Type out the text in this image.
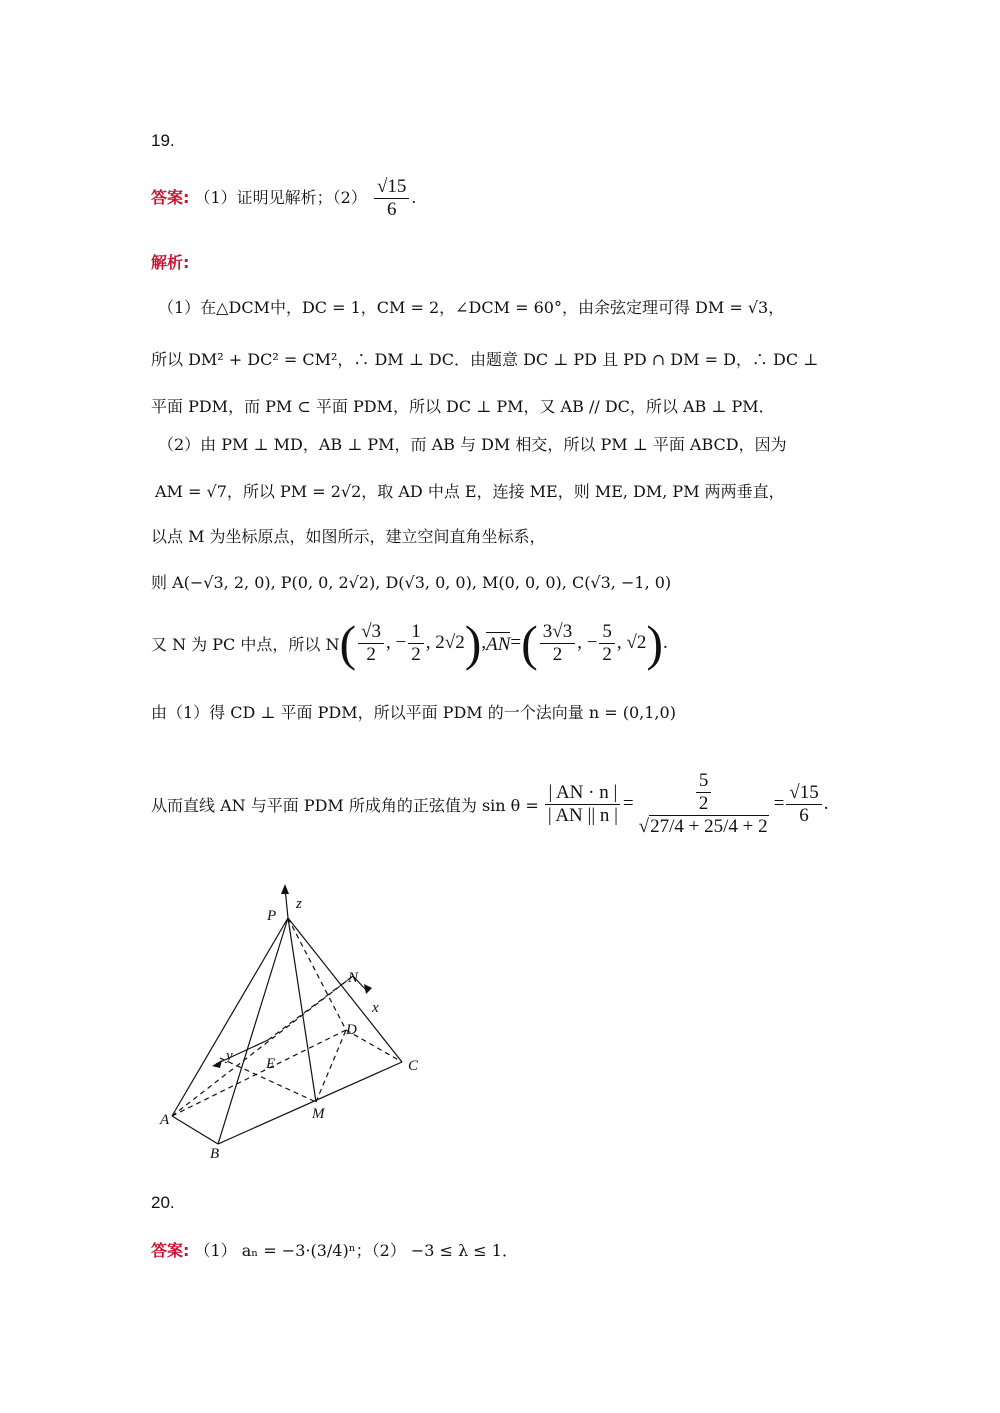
19.
答案: （1）证明见解析；$(2) \frac{√15}{6}$ .
解析:
（1）在△DCM中，DC = 1，CM = 2，∠DCM = 60°，由余弦定理可得 DM = √3，
所以 DM² + DC² = CM²，∴ DM ⊥ DC．由题意 DC ⊥ PD 且 PD ∩ DM = D，∴ DC ⊥
平面 PDM，而 PM ⊂ 平面 PDM，所以 DC ⊥ PM，又 AB // DC，所以 AB ⊥ PM．
（2）由 PM ⊥ MD，AB ⊥ PM，而 AB 与 DM 相交，所以 PM ⊥ 平面 ABCD，因为
AM = √7，所以 PM = 2√2，取 AD 中点 E，连接 ME，则 ME, DM, PM 两两垂直，
以点 M 为坐标原点，如图所示，建立空间直角坐标系，
则 A(−√3, 2, 0), P(0, 0, 2√2), D(√3, 0, 0), M(0, 0, 0), C(√3, −1, 0)
又 N 为 PC 中点，所以 N ( $\frac{√3}{2}$ , − $\frac{1}{2}$ , 2√2 ) , AN = ( $\frac{3√3}{2}$ , − $\frac{5}{2}$ , √2 ) .
由（1）得 CD ⊥ 平面 PDM，所以平面 PDM 的一个法向量 n = (0,1,0)
从而直线 AN 与平面 PDM 所成角的正弦值为 $\sin \theta = \frac{| AN \cdot n |}{| AN || n |} = \frac{\frac{5}{2}}{√27/4 + 25/4 + 2} = \frac{√15}{6}$ .
P
z
N
x
D
y E	C
A	M
B
20.
答案: （1） aₙ = −3·(3/4)ⁿ；（2） −3 ≤ λ ≤ 1．
